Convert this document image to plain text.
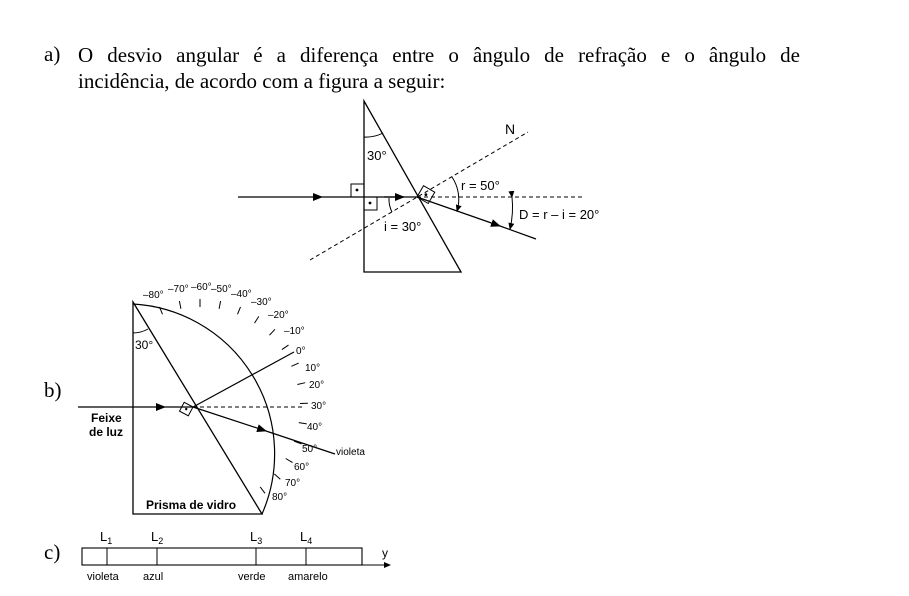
a)
b)
c)
O desvio angular é a diferença entre o ângulo de refração e o ângulo de
incidência, de acordo com a figura a seguir:
30°
N
r = 50°
D = r – i = 20°
i = 30°
30°
–80°
–70° –60° –50° –40°
–30°
–20°
–10°
0°
10°
20°
30°
40°
50°
60°
70°
80°
Feixe
de luz
violeta
Prisma de vidro
y
$L_1$	$L_2$	$L_3$	$L_4$
violeta azul	verde amarelo
